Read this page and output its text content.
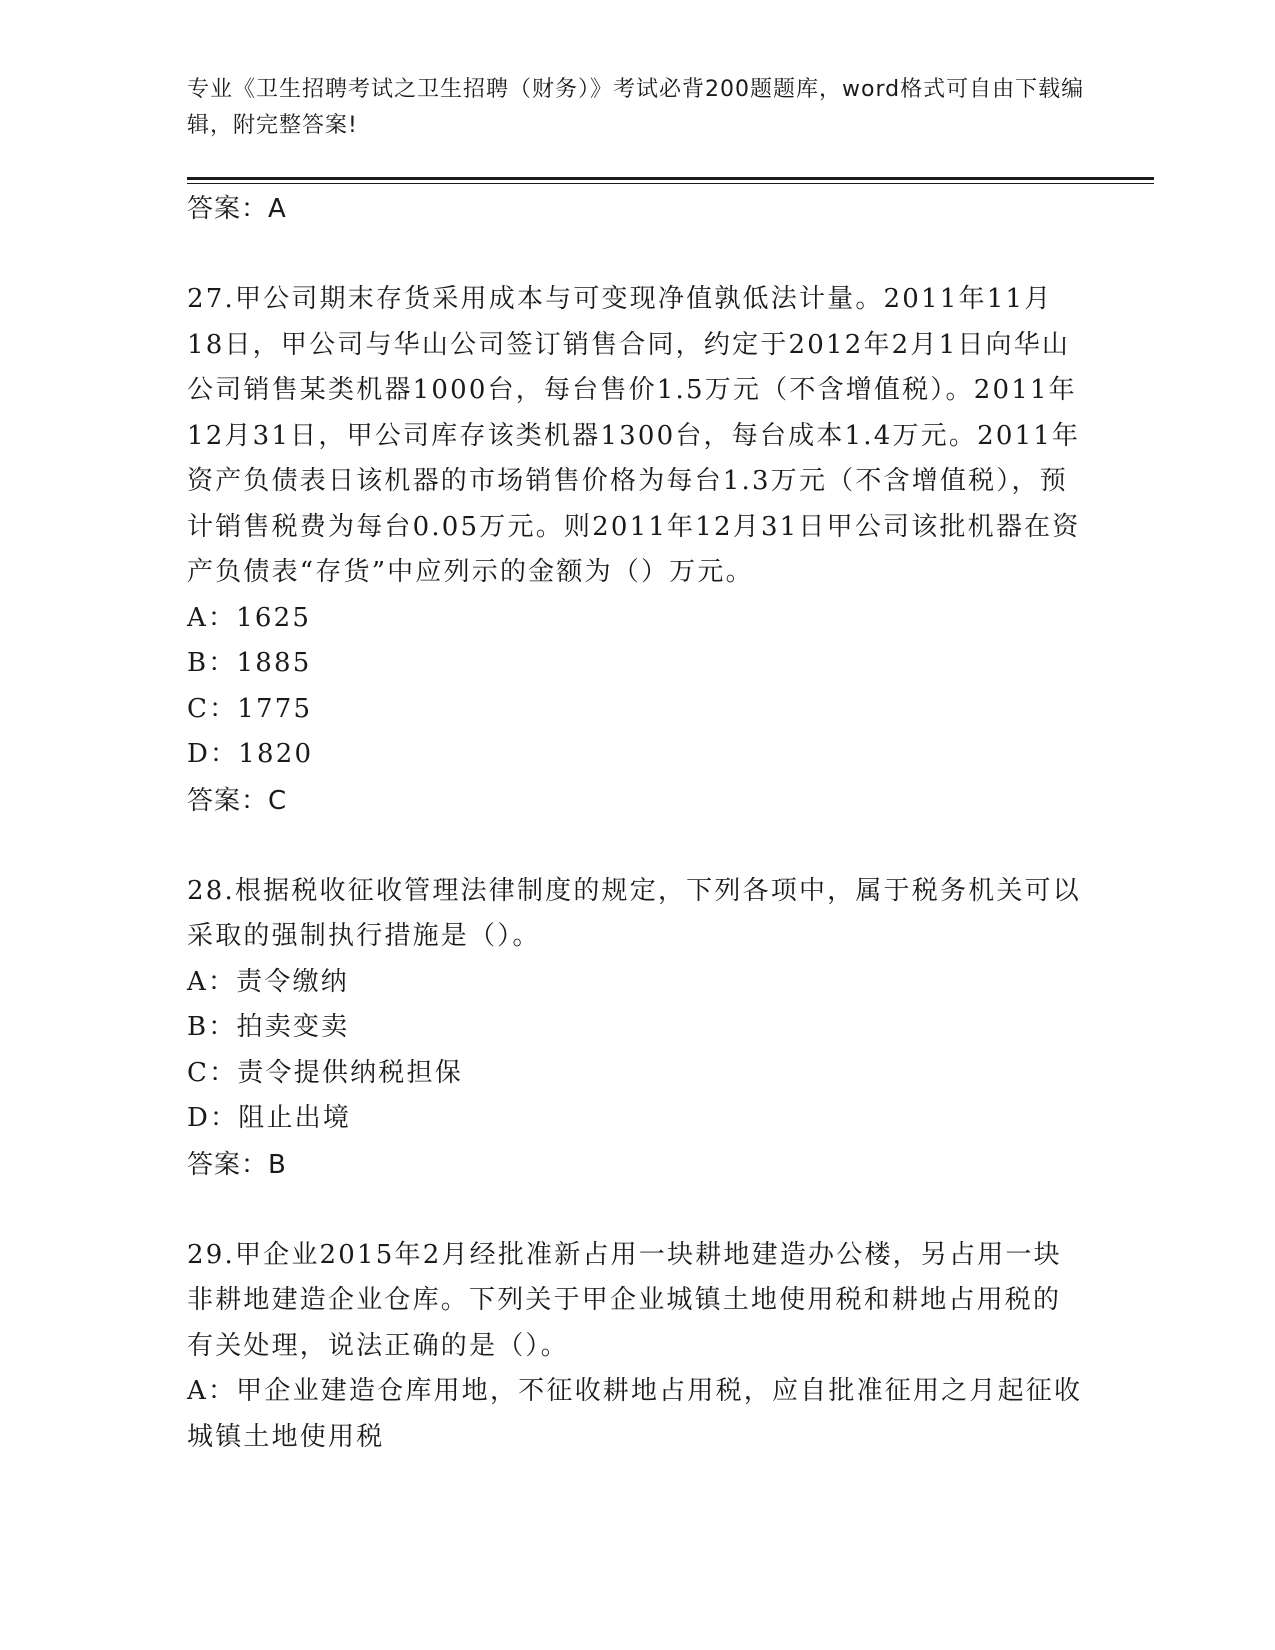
专业《卫生招聘考试之卫生招聘（财务）》考试必背200题题库，word格式可自由下载编辑，附完整答案!
答案：A

27.甲公司期末存货采用成本与可变现净值孰低法计量。2011年11月18日，甲公司与华山公司签订销售合同，约定于2012年2月1日向华山公司销售某类机器1000台，每台售价1.5万元（不含增值税）。2011年12月31日，甲公司库存该类机器1300台，每台成本1.4万元。2011年资产负债表日该机器的市场销售价格为每台1.3万元（不含增值税），预计销售税费为每台0.05万元。则2011年12月31日甲公司该批机器在资产负债表“存货”中应列示的金额为（）万元。

A：1625
B：1885
C：1775
D：1820
答案：C

28.根据税收征收管理法律制度的规定，下列各项中，属于税务机关可以采取的强制执行措施是（）。

A：责令缴纳
B：拍卖变卖
C：责令提供纳税担保
D：阻止出境
答案：B

29.甲企业2015年2月经批准新占用一块耕地建造办公楼，另占用一块非耕地建造企业仓库。下列关于甲企业城镇土地使用税和耕地占用税的有关处理，说法正确的是（）。

A：甲企业建造仓库用地，不征收耕地占用税，应自批准征用之月起征收城镇土地使用税
